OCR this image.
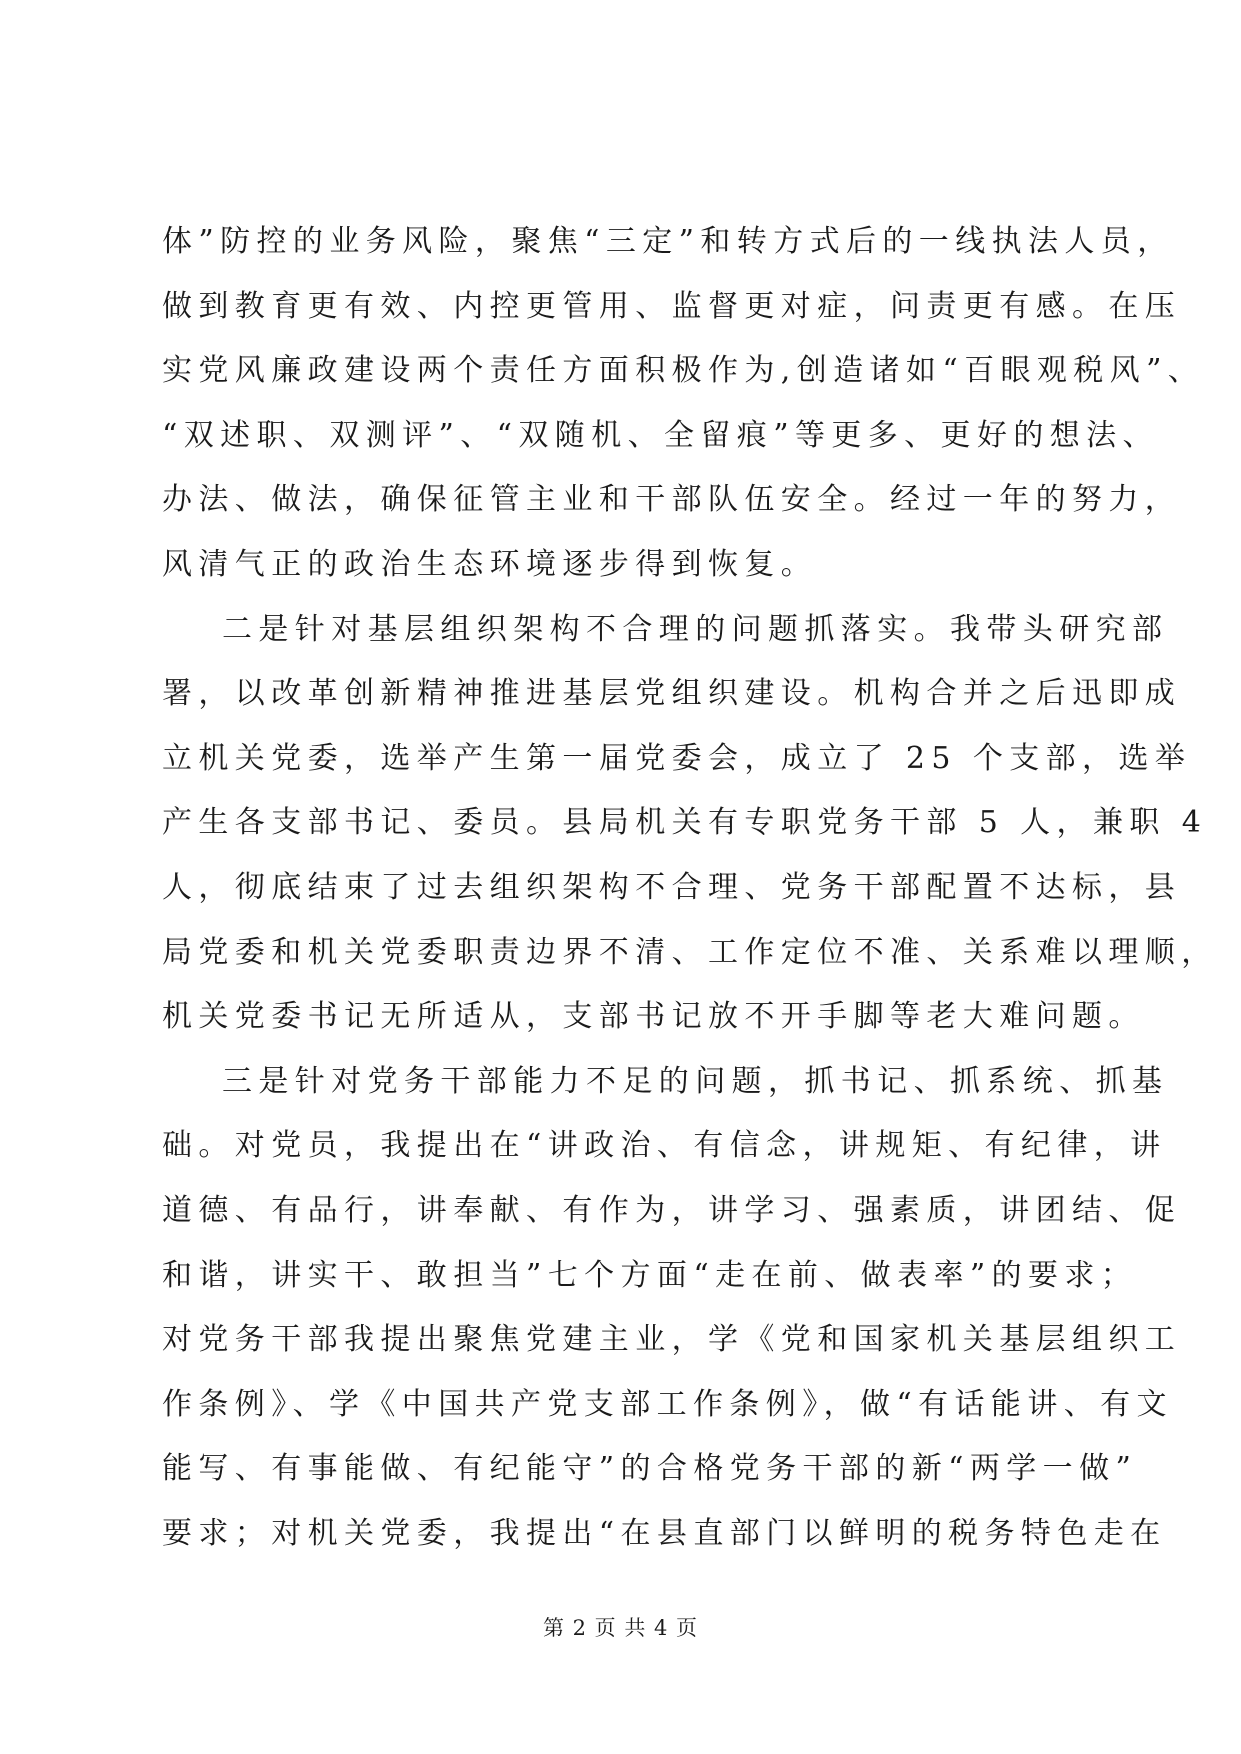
体”防控的业务风险，聚焦“三定”和转方式后的一线执法人员，
做到教育更有效、内控更管用、监督更对症，问责更有感。在压
实党风廉政建设两个责任方面积极作为,创造诸如“百眼观税风”、
“双述职、双测评”、“双随机、全留痕”等更多、更好的想法、
办法、做法，确保征管主业和干部队伍安全。经过一年的努力，
风清气正的政治生态环境逐步得到恢复。
二是针对基层组织架构不合理的问题抓落实。我带头研究部
署，以改革创新精神推进基层党组织建设。机构合并之后迅即成
立机关党委，选举产生第一届党委会，成立了 25 个支部，选举
产生各支部书记、委员。县局机关有专职党务干部 5 人，兼职 4
人，彻底结束了过去组织架构不合理、党务干部配置不达标，县
局党委和机关党委职责边界不清、工作定位不准、关系难以理顺，
机关党委书记无所适从，支部书记放不开手脚等老大难问题。
三是针对党务干部能力不足的问题，抓书记、抓系统、抓基
础。对党员，我提出在“讲政治、有信念，讲规矩、有纪律，讲
道德、有品行，讲奉献、有作为，讲学习、强素质，讲团结、促
和谐，讲实干、敢担当”七个方面“走在前、做表率”的要求；
对党务干部我提出聚焦党建主业，学《党和国家机关基层组织工
作条例》、学《中国共产党支部工作条例》，做“有话能讲、有文
能写、有事能做、有纪能守”的合格党务干部的新“两学一做”
要求；对机关党委，我提出“在县直部门以鲜明的税务特色走在
第 2 页 共 4 页
